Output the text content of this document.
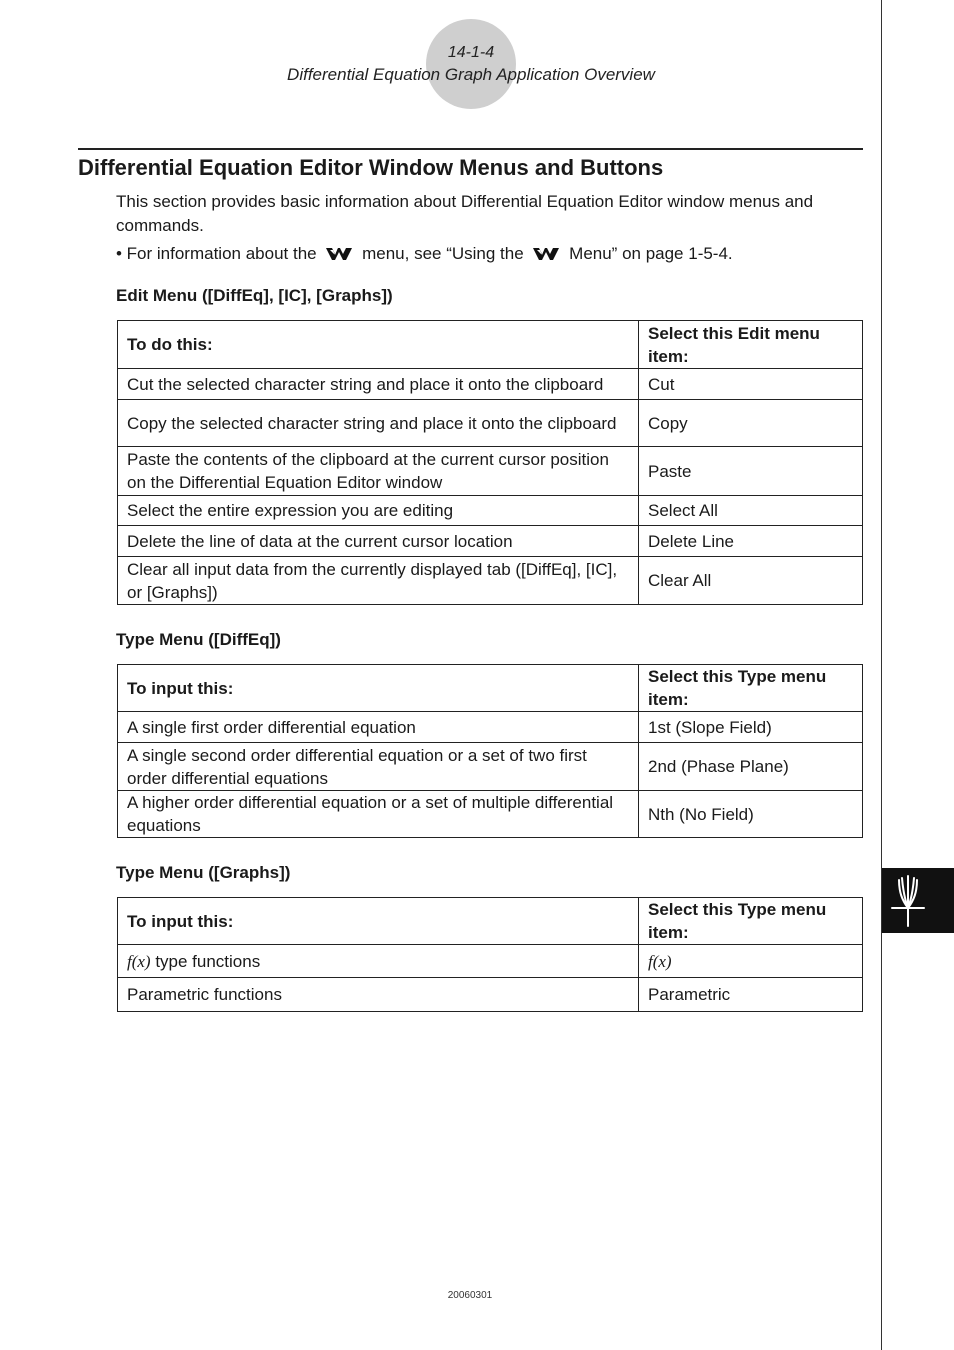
14-1-4
Differential Equation Graph Application Overview
Differential Equation Editor Window Menus and Buttons
This section provides basic information about Differential Equation Editor window menus and commands.
• For information about the	menu, see “Using the	Menu” on page 1-5-4.
Edit Menu ([DiffEq], [IC], [Graphs])
To do this:	Select this Edit menu item:
Cut the selected character string and place it onto the clipboard	Cut
Copy the selected character string and place it onto the clipboard	Copy
Paste the contents of the clipboard at the current cursor position on the Differential Equation Editor window	Paste
Select the entire expression you are editing	Select All
Delete the line of data at the current cursor location	Delete Line
Clear all input data from the currently displayed tab ([DiffEq], [IC], or [Graphs])	Clear All
Type Menu ([DiffEq])
To input this:	Select this Type menu item:
A single first order differential equation	1st (Slope Field)
A single second order differential equation or a set of two first order differential equations	2nd (Phase Plane)
A higher order differential equation or a set of multiple differential equations	Nth (No Field)
Type Menu ([Graphs])
To input this:	Select this Type menu item:
f(x) type functions	f(x)
Parametric functions	Parametric
20060301
